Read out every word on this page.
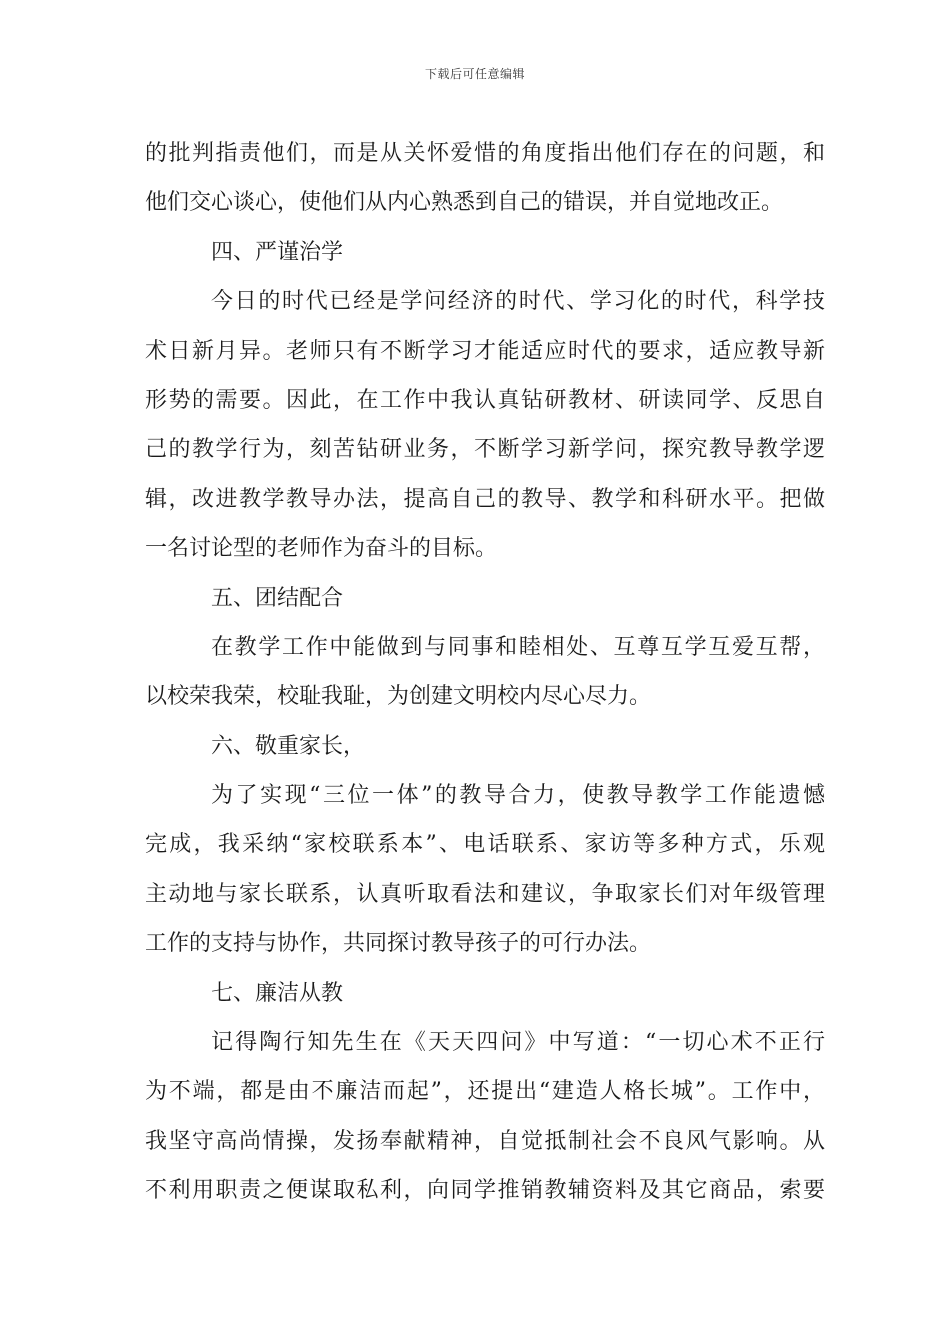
下载后可任意编辑
的批判指责他们，而是从关怀爱惜的角度指出他们存在的问题，和
他们交心谈心，使他们从内心熟悉到自己的错误，并自觉地改正。
四、严谨治学
今日的时代已经是学问经济的时代、学习化的时代，科学技
术日新月异。老师只有不断学习才能适应时代的要求，适应教导新
形势的需要。因此，在工作中我认真钻研教材、研读同学、反思自
己的教学行为，刻苦钻研业务，不断学习新学问，探究教导教学逻
辑，改进教学教导办法，提高自己的教导、教学和科研水平。把做
一名讨论型的老师作为奋斗的目标。
五、团结配合
在教学工作中能做到与同事和睦相处、互尊互学互爱互帮，
以校荣我荣，校耻我耻，为创建文明校内尽心尽力。
六、敬重家长，
为了实现“三位一体”的教导合力，使教导教学工作能遗憾
完成，我采纳“家校联系本”、电话联系、家访等多种方式，乐观
主动地与家长联系，认真听取看法和建议，争取家长们对年级管理
工作的支持与协作，共同探讨教导孩子的可行办法。
七、廉洁从教
记得陶行知先生在《天天四问》中写道：“一切心术不正行
为不端，都是由不廉洁而起”，还提出“建造人格长城”。工作中，
我坚守高尚情操，发扬奉献精神，自觉抵制社会不良风气影响。从
不利用职责之便谋取私利，向同学推销教辅资料及其它商品，索要
